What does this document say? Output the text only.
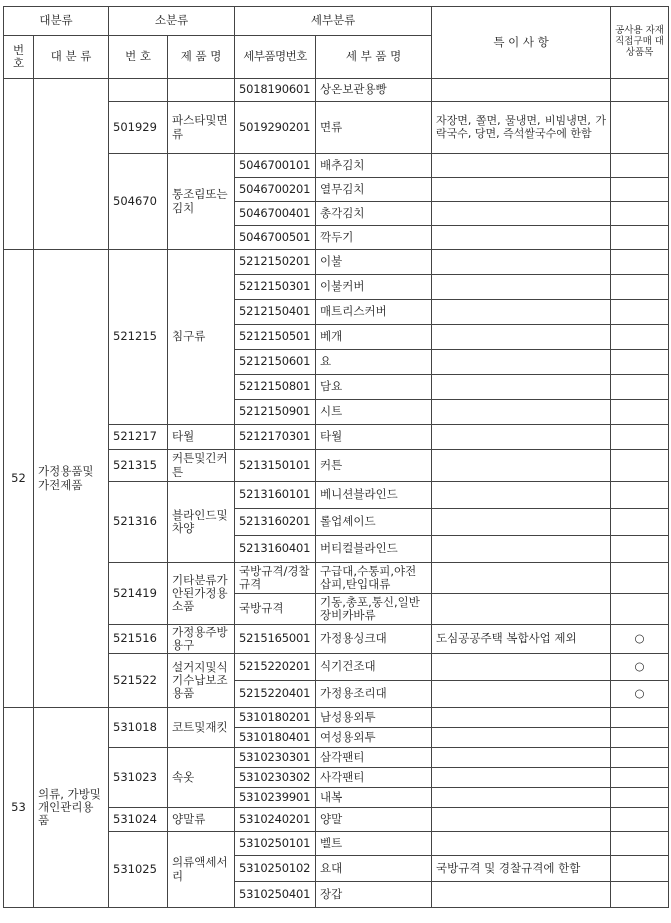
대분류		소분류		세부분류		특 이 사 항	공사용 자재 직접구매 대상품목
번호	대 분 류	번 호	제 품 명	세부품명번호	세 부 품 명		
				5018190601	상온보관용빵		
		501929	파스타및면류	5019290201	면류	자장면, 쫄면, 물냉면, 비빔냉면, 가락국수, 당면, 즉석쌀국수에 한함	
		504670	통조림또는김치	5046700101	배추김치		
				5046700201	열무김치		
				5046700401	총각김치		
				5046700501	깍두기		
52	가정용품및가전제품	521215	침구류	5212150201	이불		
				5212150301	이불커버		
				5212150401	매트리스커버		
				5212150501	베개		
				5212150601	요		
				5212150801	담요		
				5212150901	시트		
		521217	타월	5212170301	타월		
		521315	커튼및긴커튼	5213150101	커튼		
		521316	블라인드및차양	5213160101	베니션블라인드		
				5213160201	롤업셰이드		
				5213160401	버티컬블라인드		
		521419	기타분류가안된가정용소품	국방규격/경찰규격	구급대,수통피,야전삽피,탄입대류		
				국방규격	기동,총포,통신,일반장비카바류		
		521516	가정용주방용구	5215165001	가정용싱크대	도심공공주택 복합사업 제외	○
		521522	설거지및식기수납보조용품	5215220201	식기건조대		○
				5215220401	가정용조리대		○
53	의류, 가방및개인관리용품	531018	코트및재킷	5310180201	남성용외투		
				5310180401	여성용외투		
		531023	속옷	5310230301	삼각팬티		
				5310230302	사각팬티		
				5310239901	내복		
		531024	양말류	5310240201	양말		
		531025	의류액세서리	5310250101	벨트		
				5310250102	요대	국방규격 및 경찰규격에 한함	
				5310250401	장갑		
